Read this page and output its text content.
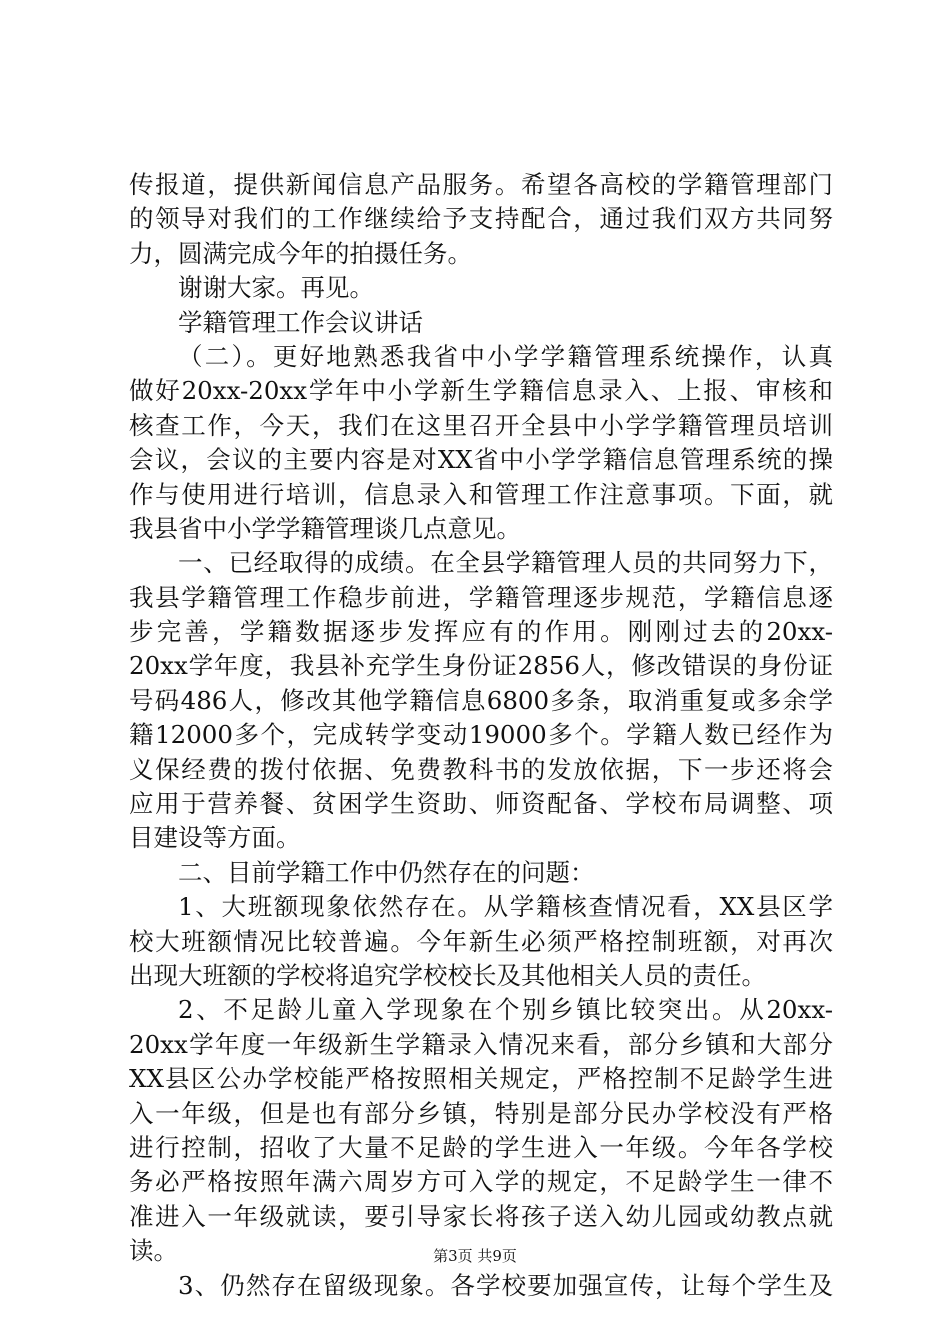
传报道，提供新闻信息产品服务。希望各高校的学籍管理部门
的领导对我们的工作继续给予支持配合，通过我们双方共同努
力，圆满完成今年的拍摄任务。
谢谢大家。再见。
学籍管理工作会议讲话
（二）。更好地熟悉我省中小学学籍管理系统操作，认真
做好20xx-20xx学年中小学新生学籍信息录入、上报、审核和
核查工作，今天，我们在这里召开全县中小学学籍管理员培训
会议，会议的主要内容是对XX省中小学学籍信息管理系统的操
作与使用进行培训，信息录入和管理工作注意事项。下面，就
我县省中小学学籍管理谈几点意见。
一、已经取得的成绩。在全县学籍管理人员的共同努力下，
我县学籍管理工作稳步前进，学籍管理逐步规范，学籍信息逐
步完善，学籍数据逐步发挥应有的作用。刚刚过去的20xx-
20xx学年度，我县补充学生身份证2856人，修改错误的身份证
号码486人，修改其他学籍信息6800多条，取消重复或多余学
籍12000多个，完成转学变动19000多个。学籍人数已经作为
义保经费的拨付依据、免费教科书的发放依据，下一步还将会
应用于营养餐、贫困学生资助、师资配备、学校布局调整、项
目建设等方面。
二、目前学籍工作中仍然存在的问题：
1、大班额现象依然存在。从学籍核查情况看，XX县区学
校大班额情况比较普遍。今年新生必须严格控制班额，对再次
出现大班额的学校将追究学校校长及其他相关人员的责任。
2、不足龄儿童入学现象在个别乡镇比较突出。从20xx-
20xx学年度一年级新生学籍录入情况来看，部分乡镇和大部分
XX县区公办学校能严格按照相关规定，严格控制不足龄学生进
入一年级，但是也有部分乡镇，特别是部分民办学校没有严格
进行控制，招收了大量不足龄的学生进入一年级。今年各学校
务必严格按照年满六周岁方可入学的规定，不足龄学生一律不
准进入一年级就读，要引导家长将孩子送入幼儿园或幼教点就
读。
3、仍然存在留级现象。各学校要加强宣传，让每个学生及
第3页 共9页
